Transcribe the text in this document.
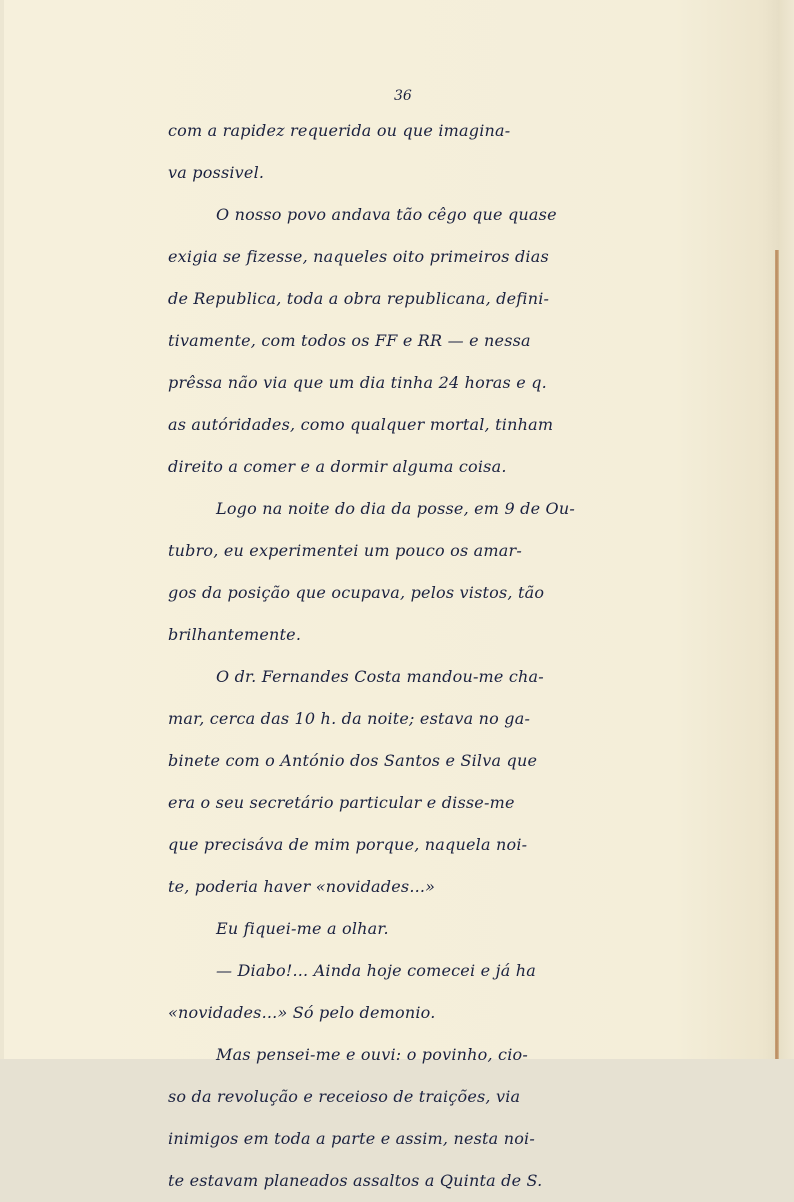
36
com a rapidez requerida ou que imagina-
va possivel.
O nosso povo andava tão cêgo que quase
exigia se fizesse, naqueles oito primeiros dias
de Republica, toda a obra republicana, defini-
tivamente, com todos os FF e RR — e nessa
prêssa não via que um dia tinha 24 horas e q.
as autóridades, como qualquer mortal, tinham
direito a comer e a dormir alguma coisa.
Logo na noite do dia da posse, em 9 de Ou-
tubro, eu experimentei um pouco os amar-
gos da posição que ocupava, pelos vistos, tão
brilhantemente.
O dr. Fernandes Costa mandou-me cha-
mar, cerca das 10 h. da noite; estava no ga-
binete com o António dos Santos e Silva que
era o seu secretário particular e disse-me
que precisáva de mim porque, naquela noi-
te, poderia haver «novidades...»
Eu fiquei-me a olhar.
— Diabo!... Ainda hoje comecei e já ha
«novidades...» Só pelo demonio.
Mas pensei-me e ouvi: o povinho, cio-
so da revolução e receioso de traições, via
inimigos em toda a parte e assim, nesta noi-
te estavam planeados assaltos a Quinta de S.
